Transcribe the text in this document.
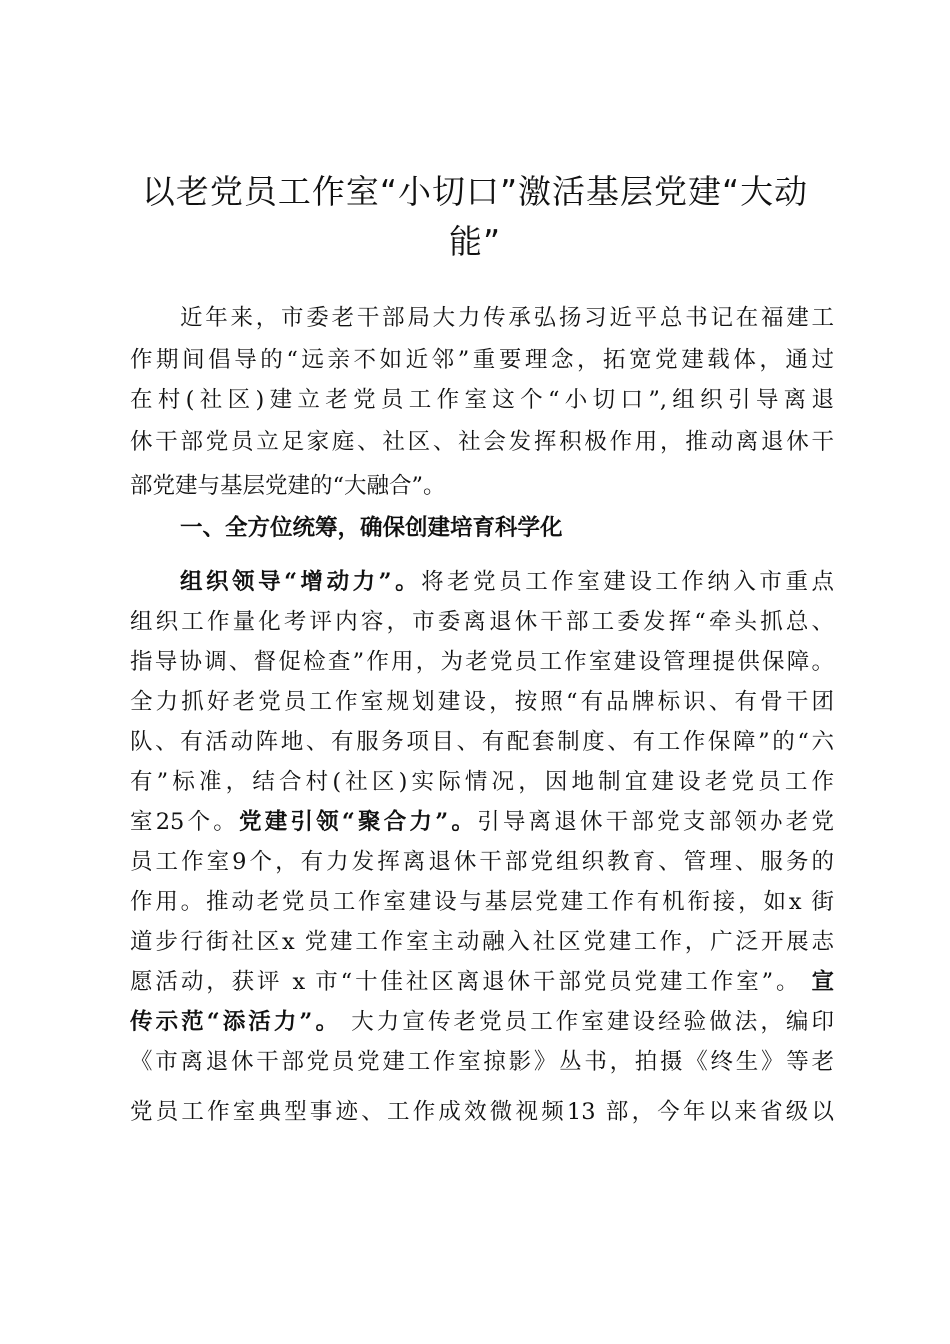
以老党员工作室“小切口”激活基层党建“大动
能”
近年来，市委老干部局大力传承弘扬习近平总书记在福建工
作期间倡导的“远亲不如近邻”重要理念，拓宽党建载体，通过
在村(社区)建立老党员工作室这个“小切口”,组织引导离退
休干部党员立足家庭、社区、社会发挥积极作用，推动离退休干
部党建与基层党建的“大融合”。
一、全方位统筹，确保创建培育科学化
组织领导“增动力”。将老党员工作室建设工作纳入市重点
组织工作量化考评内容，市委离退休干部工委发挥“牵头抓总、
指导协调、督促检查”作用，为老党员工作室建设管理提供保障。
全力抓好老党员工作室规划建设，按照“有品牌标识、有骨干团
队、有活动阵地、有服务项目、有配套制度、有工作保障”的“六
有”标准，结合村(社区)实际情况，因地制宜建设老党员工作
室25个。党建引领“聚合力”。引导离退休干部党支部领办老党
员工作室9个，有力发挥离退休干部党组织教育、管理、服务的
作用。推动老党员工作室建设与基层党建工作有机衔接，如x 街
道步行街社区x 党建工作室主动融入社区党建工作，广泛开展志
愿活动，获评 x 市“十佳社区离退休干部党员党建工作室”。 宣
传示范“添活力”。 大力宣传老党员工作室建设经验做法，编印
《市离退休干部党员党建工作室掠影》丛书，拍摄《终生》等老
党员工作室典型事迹、工作成效微视频13 部，今年以来省级以
